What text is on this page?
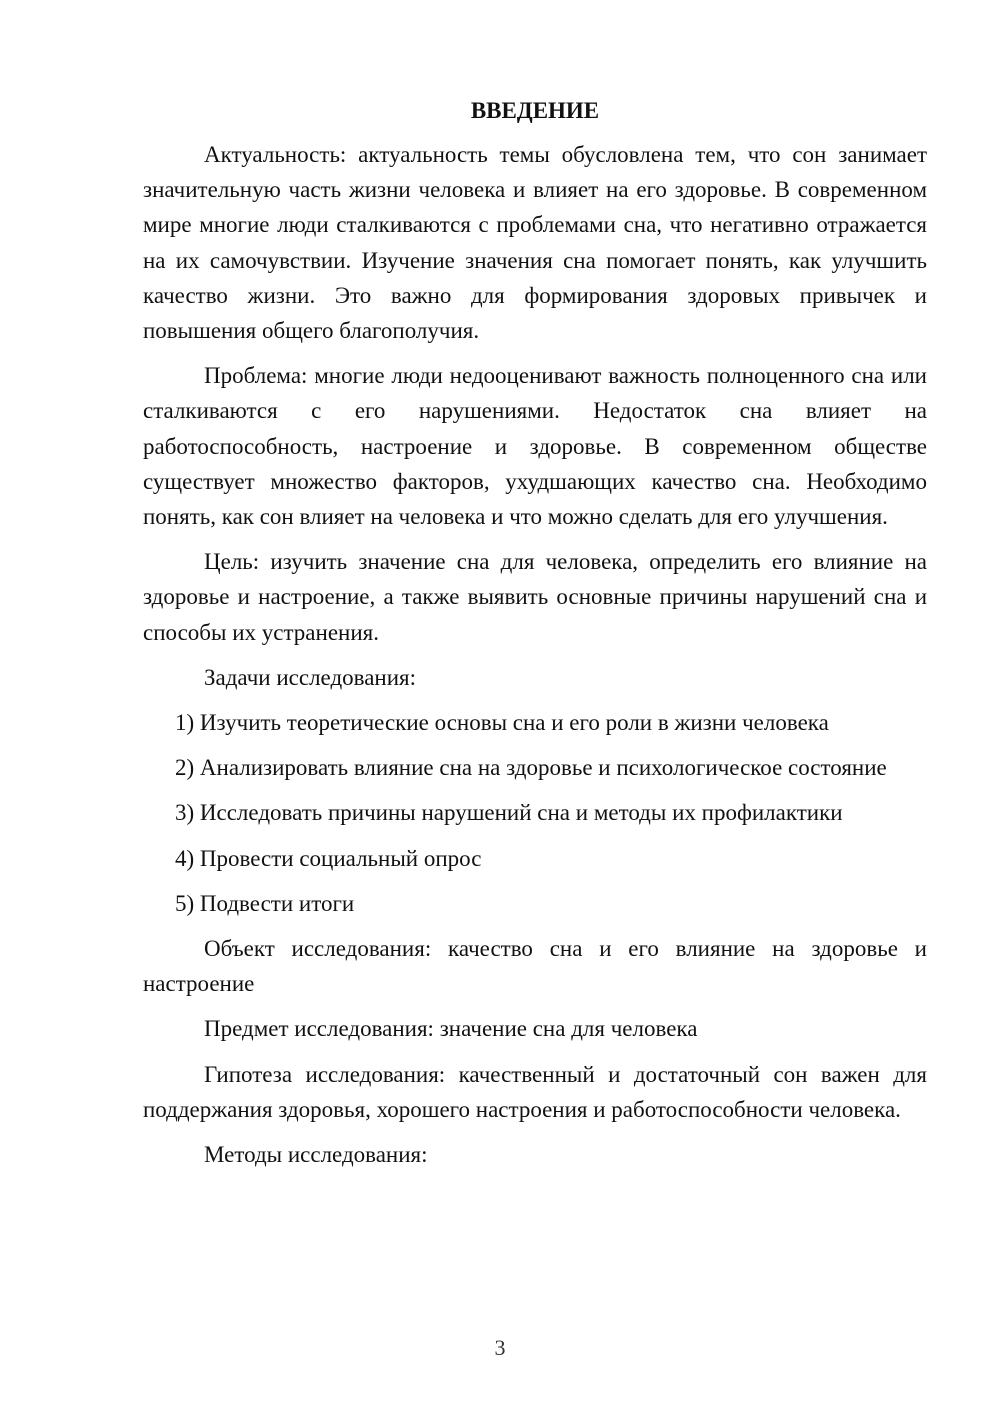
ВВЕДЕНИЕ
Актуальность: актуальность темы обусловлена тем, что сон занимает значительную часть жизни человека и влияет на его здоровье. В современном мире многие люди сталкиваются с проблемами сна, что негативно отражается на их самочувствии. Изучение значения сна помогает понять, как улучшить качество жизни. Это важно для формирования здоровых привычек и повышения общего благополучия.
Проблема: многие люди недооценивают важность полноценного сна или сталкиваются с его нарушениями. Недостаток сна влияет на работоспособность, настроение и здоровье. В современном обществе существует множество факторов, ухудшающих качество сна. Необходимо понять, как сон влияет на человека и что можно сделать для его улучшения.
Цель: изучить значение сна для человека, определить его влияние на здоровье и настроение, а также выявить основные причины нарушений сна и способы их устранения.
Задачи исследования:
1) Изучить теоретические основы сна и его роли в жизни человека
2) Анализировать влияние сна на здоровье и психологическое состояние
3) Исследовать причины нарушений сна и методы их профилактики
4) Провести социальный опрос
5) Подвести итоги
Объект исследования: качество сна и его влияние на здоровье и настроение
Предмет исследования: значение сна для человека
Гипотеза исследования: качественный и достаточный сон важен для поддержания здоровья, хорошего настроения и работоспособности человека.
Методы исследования:
3
